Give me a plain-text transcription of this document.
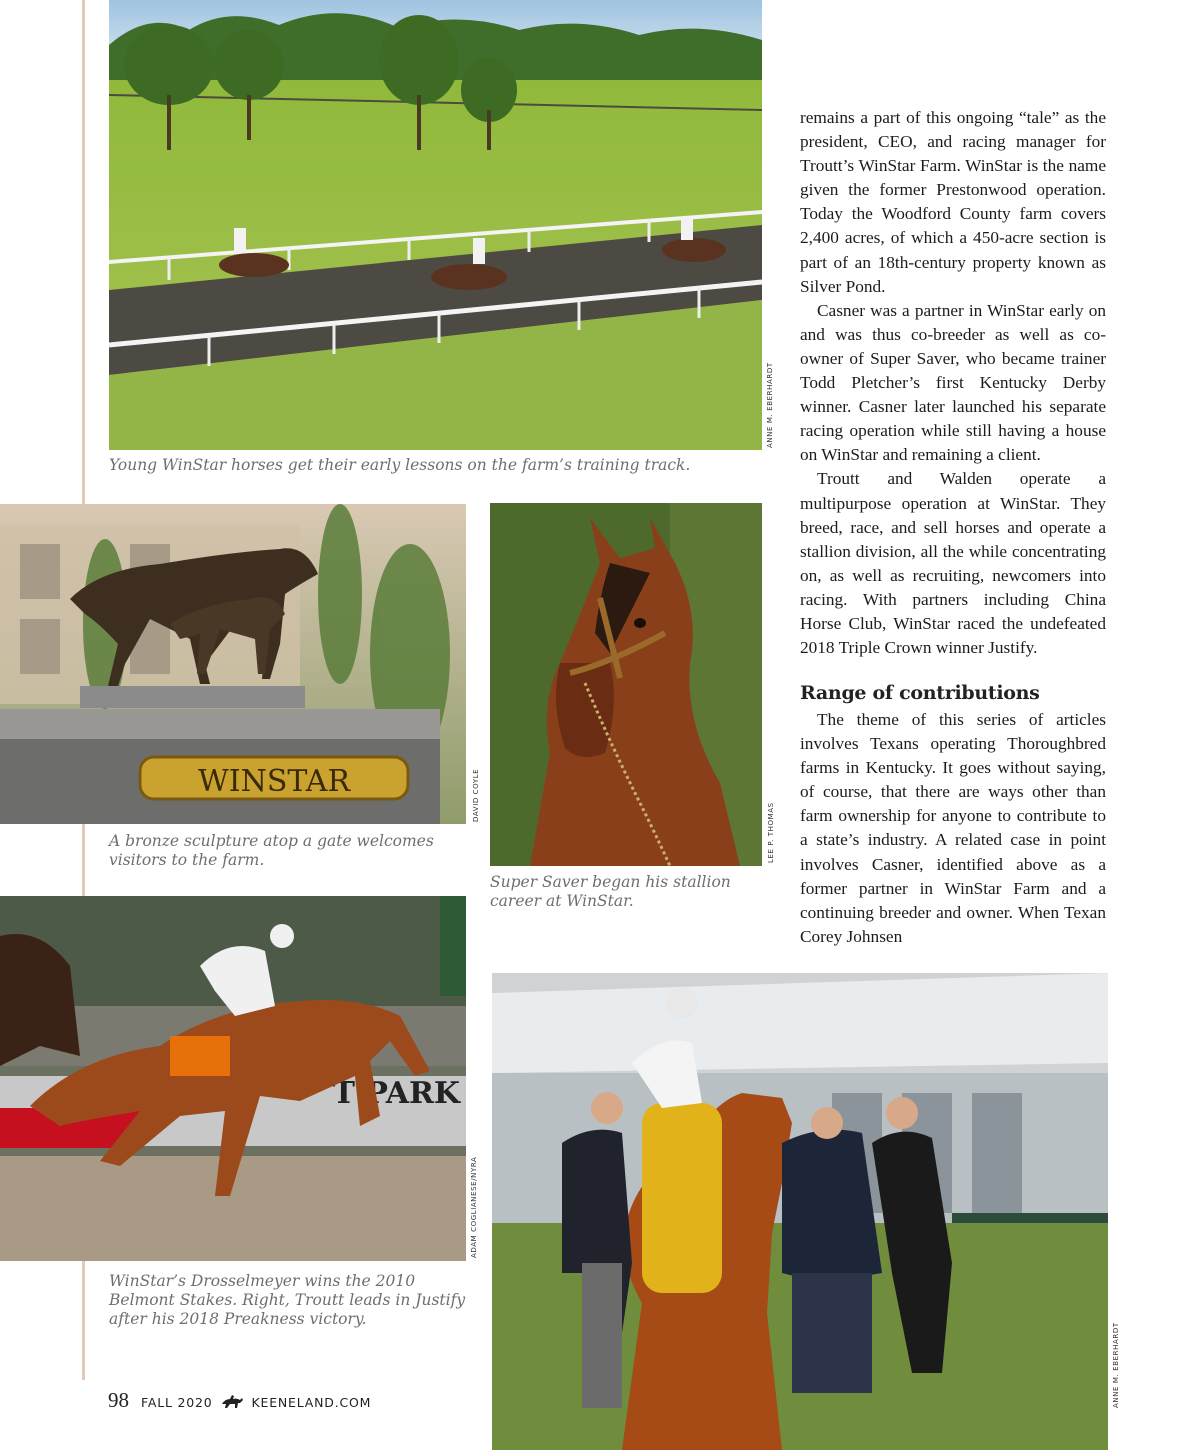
ANNE M. EBERHARDT
Young WinStar horses get their early lessons on the farm’s training track.
WINSTAR	DAVID COYLE
A bronze sculpture atop a gate welcomes visitors to the farm.	LEE P. THOMAS
Super Saver began his stallion career at WinStar.
T PARK
ADAM COGLIANESE/NYRA
WinStar’s Drosselmeyer wins the 2010 Belmont Stakes. Right, Troutt leads in Justify after his 2018 Preakness victory.
ANNE M. EBERHARDT

remains a part of this ongoing “tale” as the president, CEO, and racing manager for Troutt’s WinStar Farm. WinStar is the name given the former Prestonwood operation. Today the Woodford County farm covers 2,400 acres, of which a 450-acre section is part of an 18th-century property known as Silver Pond.

Casner was a partner in WinStar early on and was thus co-breeder as well as co-owner of Super Saver, who became trainer Todd Pletcher’s first Kentucky Derby winner. Casner later launched his separate racing operation while still having a house on WinStar and remaining a client.

Troutt and Walden operate a multipurpose operation at WinStar. They breed, race, and sell horses and operate a stallion division, all the while concentrating on, as well as recruiting, newcomers into racing. With partners including China Horse Club, WinStar raced the undefeated 2018 Triple Crown winner Justify.

Range of contributions

The theme of this series of articles involves Texans operating Thoroughbred farms in Kentucky. It goes without saying, of course, that there are ways other than farm ownership for anyone to contribute to a state’s industry. A related case in point involves Casner, identified above as a former partner in WinStar Farm and a continuing breeder and owner. When Texan Corey Johnsen

98 FALL 2020	KEENELAND.COM
